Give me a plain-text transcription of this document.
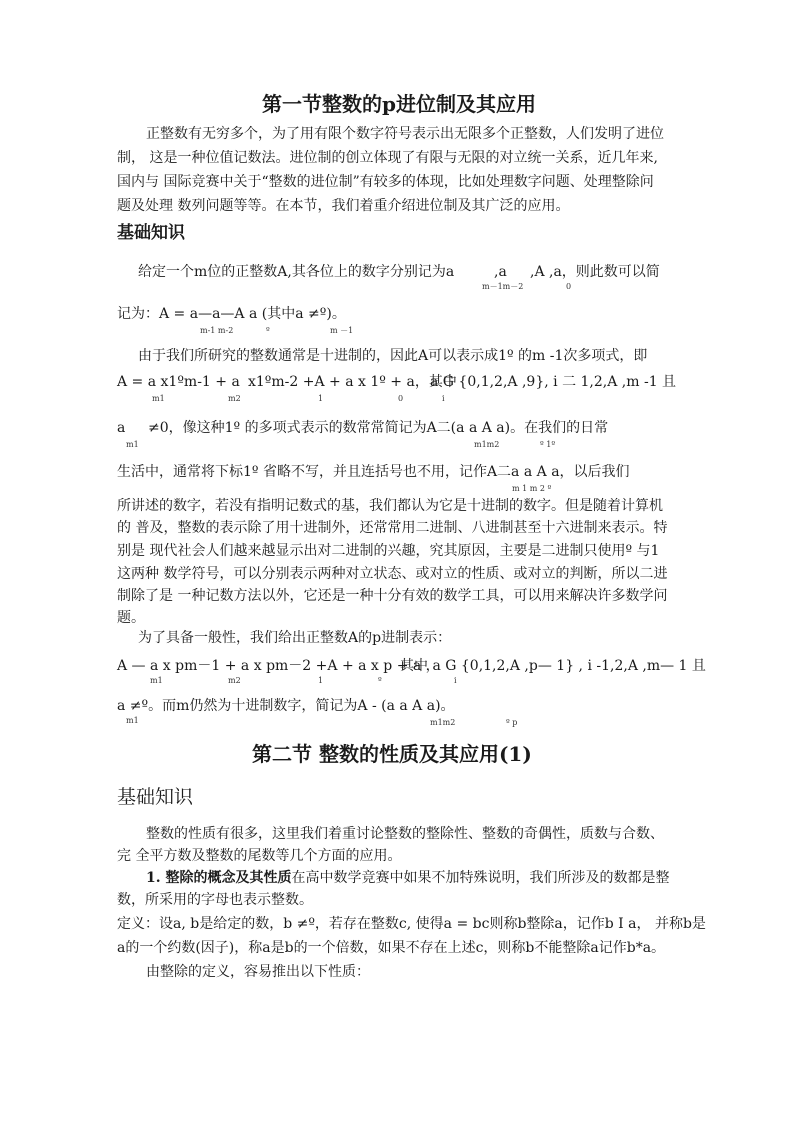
第一节整数的p进位制及其应用
正整数有无穷多个，为了用有限个数字符号表示出无限多个正整数，人们发明了进位
制， 这是一种位值记数法。进位制的创立体现了有限与无限的对立统一关系，近几年来,
国内与 国际竞赛中关于“整数的进位制”有较多的体现，比如处理数字问题、处理整除问
题及处理 数列问题等等。在本节，我们着重介绍进位制及其广泛的应用。
基础知识
给定一个m位的正整数A,其各位上的数字分别记为a	,a ,A ,a，则此数可以简
m－1m－2	0
记为：A = a—a—A a (其中a ≠º)。
m-1 m-2	º	m －1
由于我们所研究的整数通常是十进制的，因此A可以表示成1º 的m -1次多项式，即
A = a x1ºm-1 + a x1ºm-2 +A + a x 1º + a，其中
a G {0,1,2,A ,9}, i 二 1,2,A ,m -1 且
m1	m2	1	0	i
a ≠0，像这种1º 的多项式表示的数常常简记为A二(a a A a)。在我们的日常
m1	m1m2	º 1º
生活中，通常将下标1º 省略不写，并且连括号也不用，记作A二a a A a，以后我们
m 1 m 2 º
所讲述的数字，若没有指明记数式的基，我们都认为它是十进制的数字。但是随着计算机
的 普及，整数的表示除了用十进制外，还常常用二进制、八进制甚至十六进制来表示。特
别是 现代社会人们越来越显示出对二进制的兴趣，究其原因，主要是二进制只使用º 与1
这两种 数学符号，可以分别表示两种对立状态、或对立的性质、或对立的判断，所以二进
制除了是 一种记数方法以外，它还是一种十分有效的数学工具，可以用来解决许多数学问
题。
为了具备一般性，我们给出正整数A的p进制表示：
A — a x pm－1 + a x pm－2 +A + a x p + a ，
其中 a G {0,1,2,A ,p— 1} , i -1,2,A ,m— 1 且
m1	m2	1	º	i
a ≠º。而m仍然为十进制数字，简记为A - (a a A a)。
m1	m1m2	º p
第二节 整数的性质及其应用(1)
基础知识
整数的性质有很多，这里我们着重讨论整数的整除性、整数的奇偶性，质数与合数、
完 全平方数及整数的尾数等几个方面的应用。
1. 整除的概念及其性质在高中数学竞赛中如果不加特殊说明，我们所涉及的数都是整
数，所采用的字母也表示整数。
定义：设a, b是给定的数，b ≠º，若存在整数c, 使得a = bc则称b整除a，记作b I a， 并称b是
a的一个约数(因子)，称a是b的一个倍数，如果不存在上述c，则称b不能整除a记作b*a。
由整除的定义，容易推出以下性质：
